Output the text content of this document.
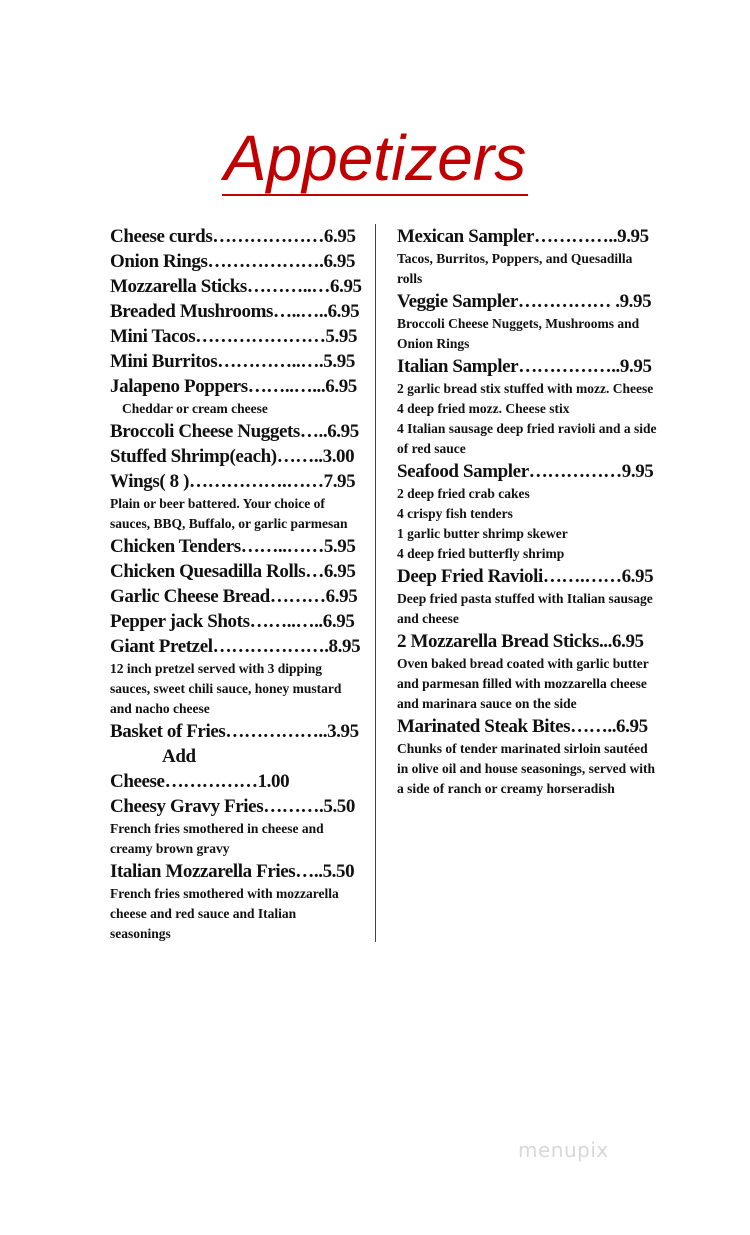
Appetizers
Cheese curds………………6.95
Onion Rings……………….6.95
Mozzarella Sticks………..…6.95
Breaded Mushrooms…..…..6.95
Mini Tacos…………………5.95
Mini Burritos…………..….5.95
Jalapeno Poppers……..…...6.95
Cheddar or cream cheese
Broccoli Cheese Nuggets…..6.95
Stuffed Shrimp(each)……..3.00
Wings( 8 )…………….……7.95
Plain or beer battered. Your choice of sauces, BBQ, Buffalo, or garlic parmesan
Chicken Tenders……..……5.95
Chicken Quesadilla Rolls…6.95
Garlic Cheese Bread………6.95
Pepper jack Shots……..…..6.95
Giant Pretzel……………….8.95
12 inch pretzel served with 3 dipping sauces, sweet chili sauce, honey mustard and nacho cheese
Basket of Fries……………..3.95
Add
Cheese……………1.00
Cheesy Gravy Fries……….5.50
French fries smothered in cheese and creamy brown gravy
Italian Mozzarella Fries…..5.50
French fries smothered with mozzarella cheese and red sauce and Italian seasonings
Mexican Sampler…………..9.95
Tacos, Burritos, Poppers, and Quesadilla rolls
Veggie Sampler…………… .9.95
Broccoli Cheese Nuggets, Mushrooms and Onion Rings
Italian Sampler……………..9.95
2 garlic bread stix stuffed with mozz. Cheese
4 deep fried mozz. Cheese stix
4 Italian sausage deep fried ravioli and a side of red sauce
Seafood Sampler……………9.95
2 deep fried crab cakes
4 crispy fish tenders
1 garlic butter shrimp skewer
4 deep fried butterfly shrimp
Deep Fried Ravioli…….……6.95
Deep fried pasta stuffed with Italian sausage and cheese
2 Mozzarella Bread Sticks...6.95
Oven baked bread coated with garlic butter and parmesan filled with mozzarella cheese and marinara sauce on the side
Marinated Steak Bites……..6.95
Chunks of tender marinated sirloin sautéed in olive oil and house seasonings, served with a side of ranch or creamy horseradish
menupix
